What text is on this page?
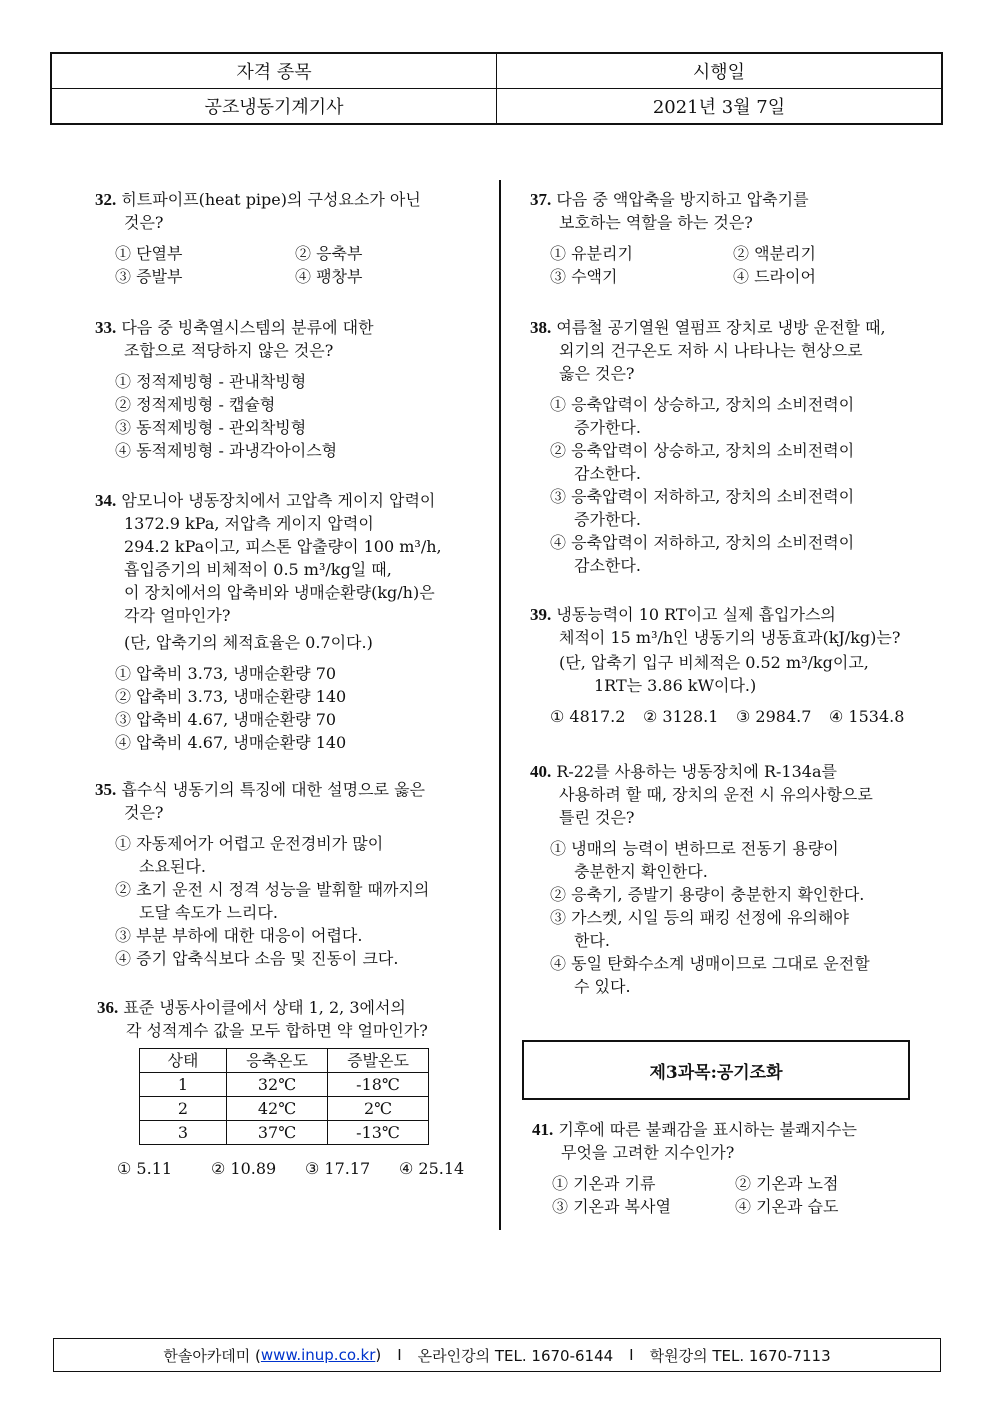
자격 종목	시행일
공조냉동기계기사	2021년 3월 7일
32. 히트파이프(heat pipe)의 구성요소가 아닌
것은?
① 단열부	② 응축부
③ 증발부	④ 팽창부
33. 다음 중 빙축열시스템의 분류에 대한
조합으로 적당하지 않은 것은?
① 정적제빙형 - 관내착빙형
② 정적제빙형 - 캡슐형
③ 동적제빙형 - 관외착빙형
④ 동적제빙형 - 과냉각아이스형
34. 암모니아 냉동장치에서 고압측 게이지 압력이
1372.9 kPa, 저압측 게이지 압력이
294.2 kPa이고, 피스톤 압출량이 100 m³/h,
흡입증기의 비체적이 0.5 m³/kg일 때,
이 장치에서의 압축비와 냉매순환량(kg/h)은
각각 얼마인가?
(단, 압축기의 체적효율은 0.7이다.)
① 압축비 3.73, 냉매순환량 70
② 압축비 3.73, 냉매순환량 140
③ 압축비 4.67, 냉매순환량 70
④ 압축비 4.67, 냉매순환량 140
35. 흡수식 냉동기의 특징에 대한 설명으로 옳은
것은?
① 자동제어가 어렵고 운전경비가 많이
소요된다.
② 초기 운전 시 정격 성능을 발휘할 때까지의
도달 속도가 느리다.
③ 부분 부하에 대한 대응이 어렵다.
④ 증기 압축식보다 소음 및 진동이 크다.
36. 표준 냉동사이클에서 상태 1, 2, 3에서의
각 성적계수 값을 모두 합하면 약 얼마인가?
상태	응축온도	증발온도
1	32℃	-18℃
2	42℃	2℃
3	37℃	-13℃
① 5.11	② 10.89	③ 17.17	④ 25.14
37. 다음 중 액압축을 방지하고 압축기를
보호하는 역할을 하는 것은?
① 유분리기	② 액분리기
③ 수액기	④ 드라이어
38. 여름철 공기열원 열펌프 장치로 냉방 운전할 때,
외기의 건구온도 저하 시 나타나는 현상으로
옳은 것은?
① 응축압력이 상승하고, 장치의 소비전력이
증가한다.
② 응축압력이 상승하고, 장치의 소비전력이
감소한다.
③ 응축압력이 저하하고, 장치의 소비전력이
증가한다.
④ 응축압력이 저하하고, 장치의 소비전력이
감소한다.
39. 냉동능력이 10 RT이고 실제 흡입가스의
체적이 15 m³/h인 냉동기의 냉동효과(kJ/kg)는?
(단, 압축기 입구 비체적은 0.52 m³/kg이고,
1RT는 3.86 kW이다.)
① 4817.2	② 3128.1	③ 2984.7	④ 1534.8
40. R-22를 사용하는 냉동장치에 R-134a를
사용하려 할 때, 장치의 운전 시 유의사항으로
틀린 것은?
① 냉매의 능력이 변하므로 전동기 용량이
충분한지 확인한다.
② 응축기, 증발기 용량이 충분한지 확인한다.
③ 가스켓, 시일 등의 패킹 선정에 유의해야
한다.
④ 동일 탄화수소계 냉매이므로 그대로 운전할
수 있다.
제3과목:공기조화
41. 기후에 따른 불쾌감을 표시하는 불쾌지수는
무엇을 고려한 지수인가?
① 기온과 기류	② 기온과 노점
③ 기온과 복사열	④ 기온과 습도
한솔아카데미 ( www.inup.co.kr ) I 온라인강의 TEL. 1670-6144 I 학원강의 TEL. 1670-7113
